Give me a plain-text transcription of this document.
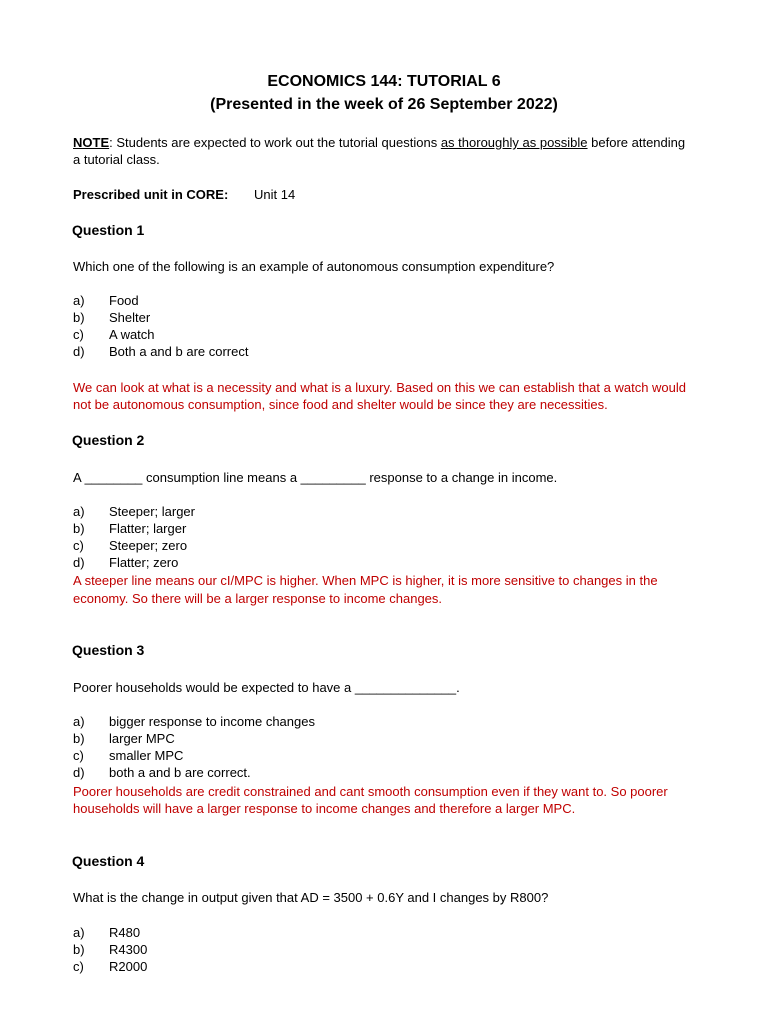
ECONOMICS 144: TUTORIAL 6
(Presented in the week of 26 September 2022)
NOTE: Students are expected to work out the tutorial questions as thoroughly as possible before attending
a tutorial class.
Prescribed unit in CORE: Unit 14
Question 1
Which one of the following is an example of autonomous consumption expenditure?
a) Food
b) Shelter
c) A watch
d) Both a and b are correct
We can look at what is a necessity and what is a luxury. Based on this we can establish that a watch would
not be autonomous consumption, since food and shelter would be since they are necessities.
Question 2
A ________ consumption line means a _________ response to a change in income.
a) Steeper; larger
b) Flatter; larger
c) Steeper; zero
d) Flatter; zero
A steeper line means our cI/MPC is higher. When MPC is higher, it is more sensitive to changes in the
economy. So there will be a larger response to income changes.
Question 3
Poorer households would be expected to have a ______________.
a) bigger response to income changes
b) larger MPC
c) smaller MPC
d) both a and b are correct.
Poorer households are credit constrained and cant smooth consumption even if they want to. So poorer
households will have a larger response to income changes and therefore a larger MPC.
Question 4
What is the change in output given that AD = 3500 + 0.6Y and I changes by R800?
a) R480
b) R4300
c) R2000
